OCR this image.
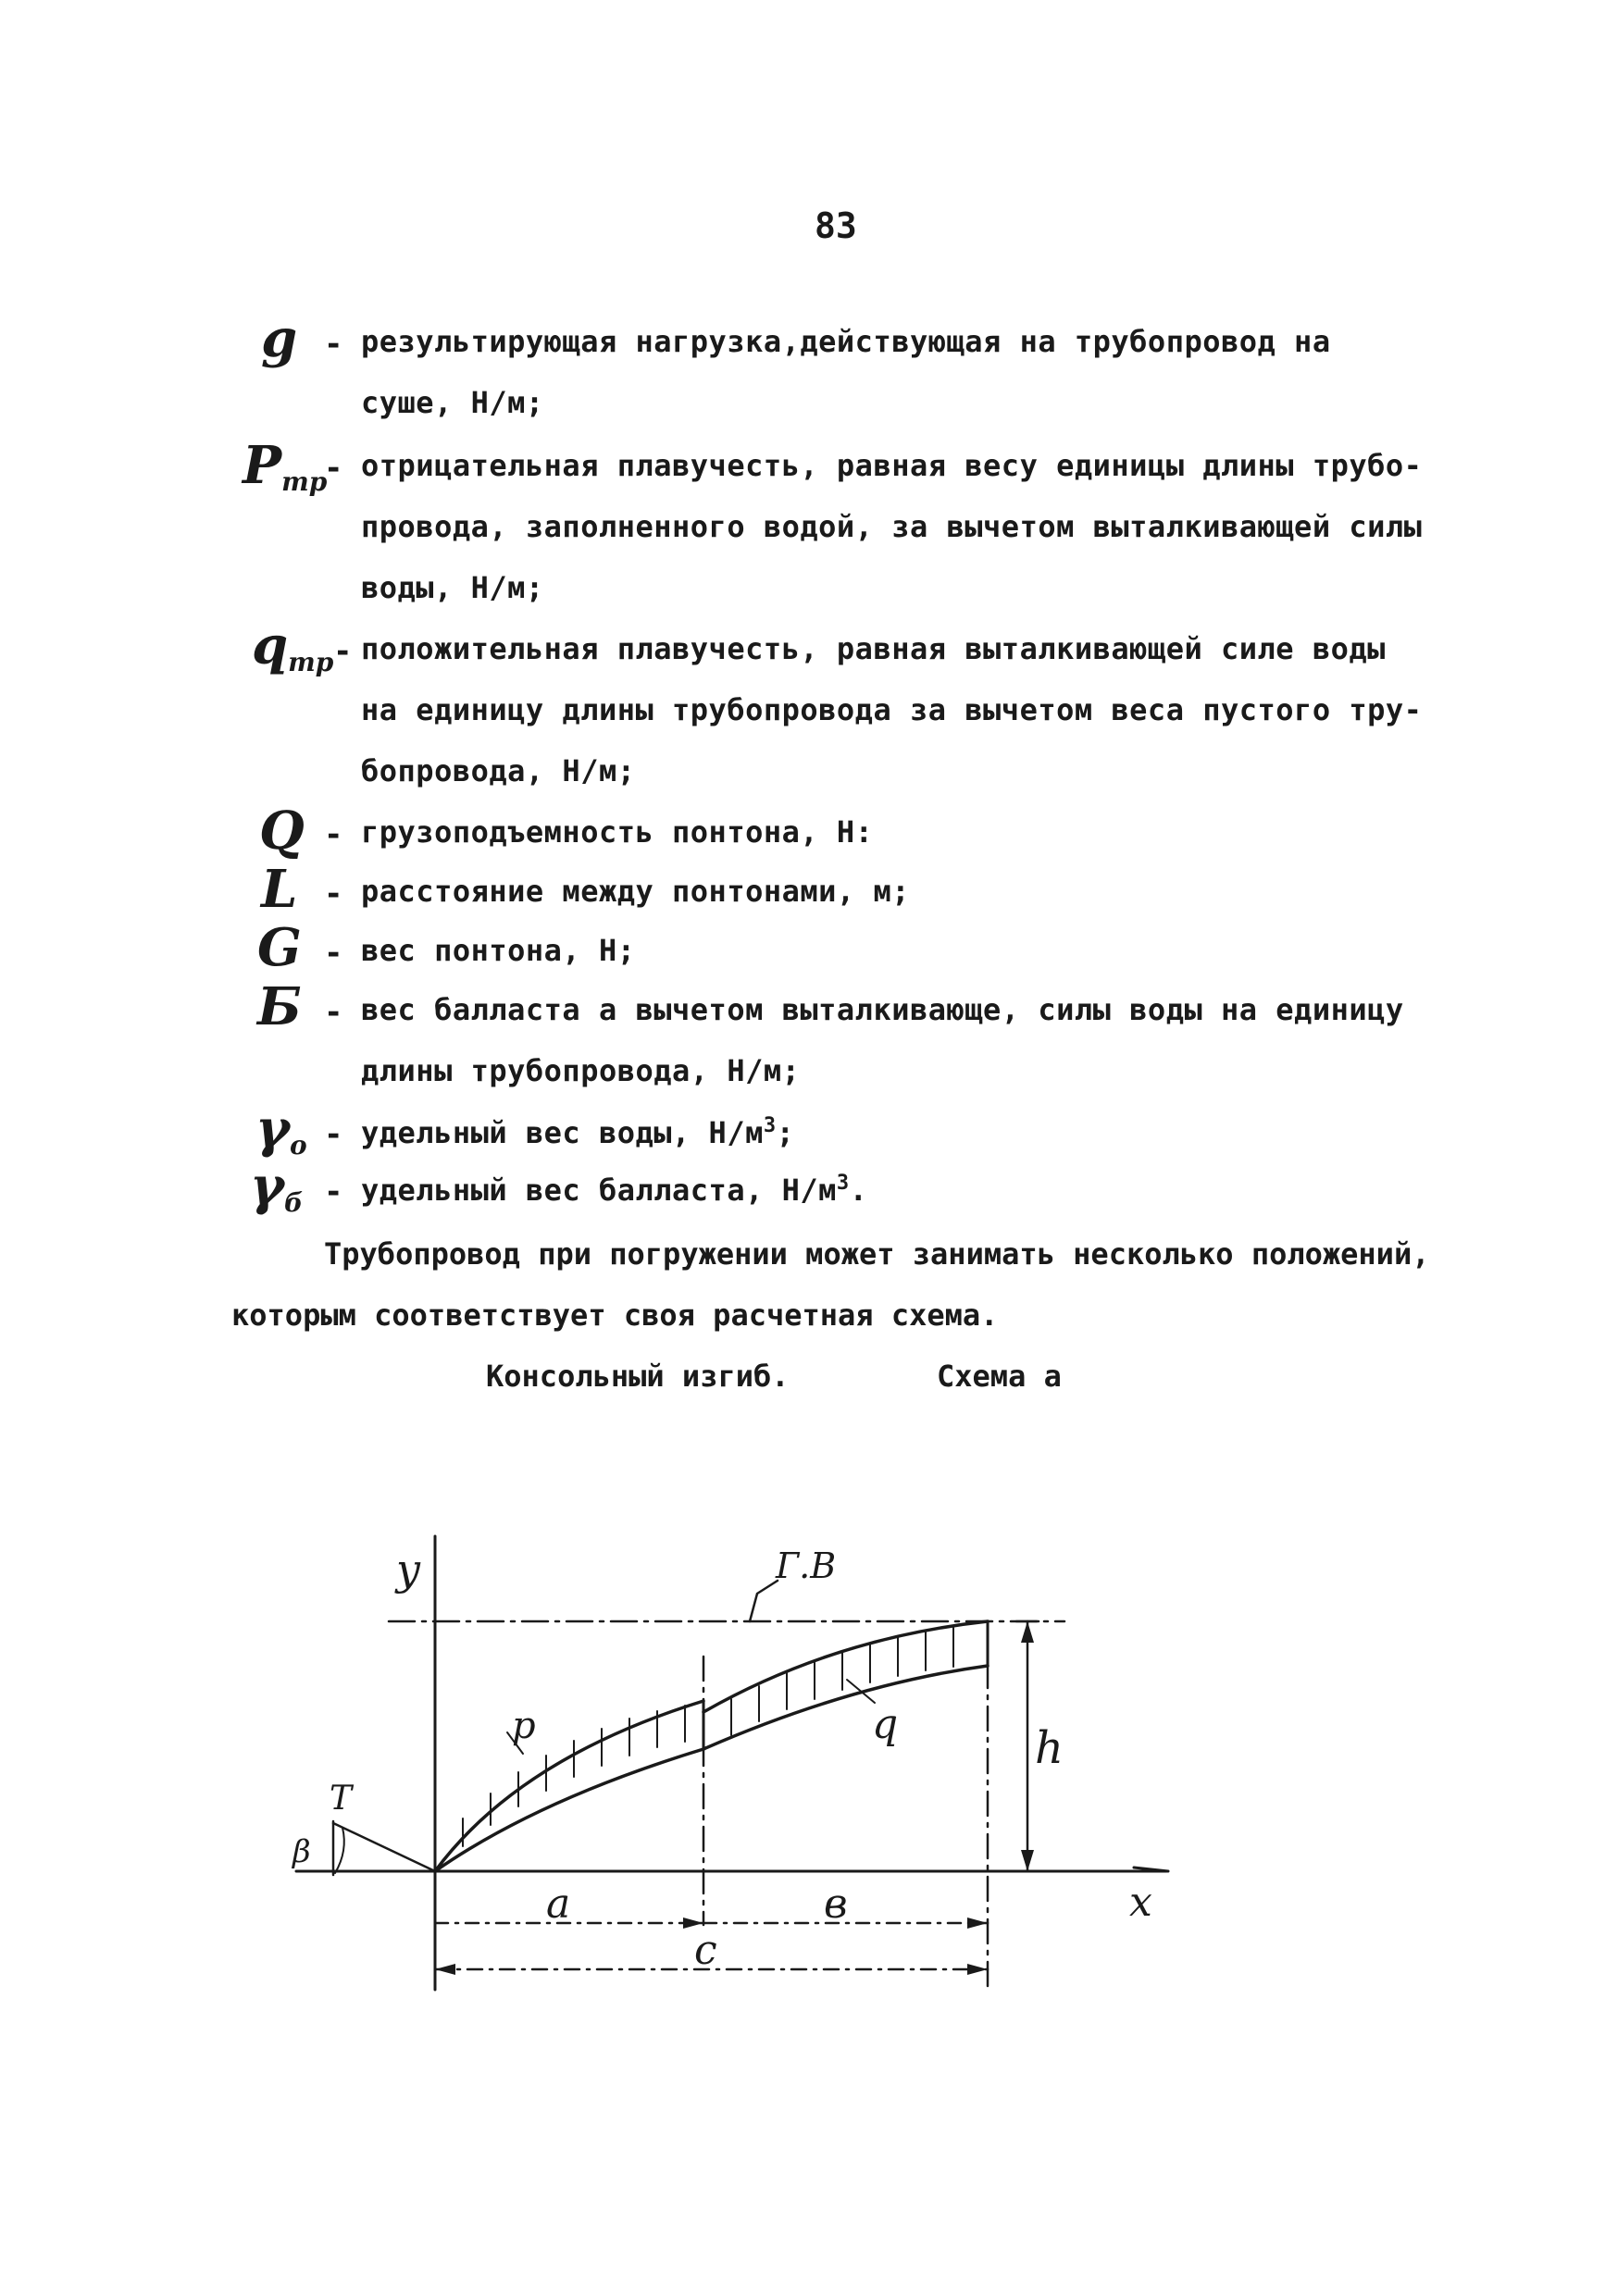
83
g - результирующая нагрузка,действующая на трубопровод на
суше, Н/м;
$P_{тр}$
- отрицательная плавучесть, равная весу единицы длины трубо-
провода, заполненного водой, за вычетом выталкивающей силы
воды, Н/м;
$q_{тр}$ - положительная плавучесть, равная выталкивающей силе воды
на единицу длины трубопровода за вычетом веса пустого тру-
бопровода, Н/м;
Q - грузоподъемность понтона, Н:
L - расстояние между понтонами, м;
G - вес понтона, Н;
Б - вес балласта а вычетом выталкивающе, силы воды на единицу
длины трубопровода, Н/м;
$\gamma_о$ - удельный вес воды, $Н/м^3$;
$\gamma_б$ - удельный вес балласта, $Н/м^3$.
Трубопровод при погружении может занимать несколько положений,
которым соответствует своя расчетная схема.
Консольный изгиб.	Схема а
y
x
Г.В
p	q	h
T
β
a	в
c
